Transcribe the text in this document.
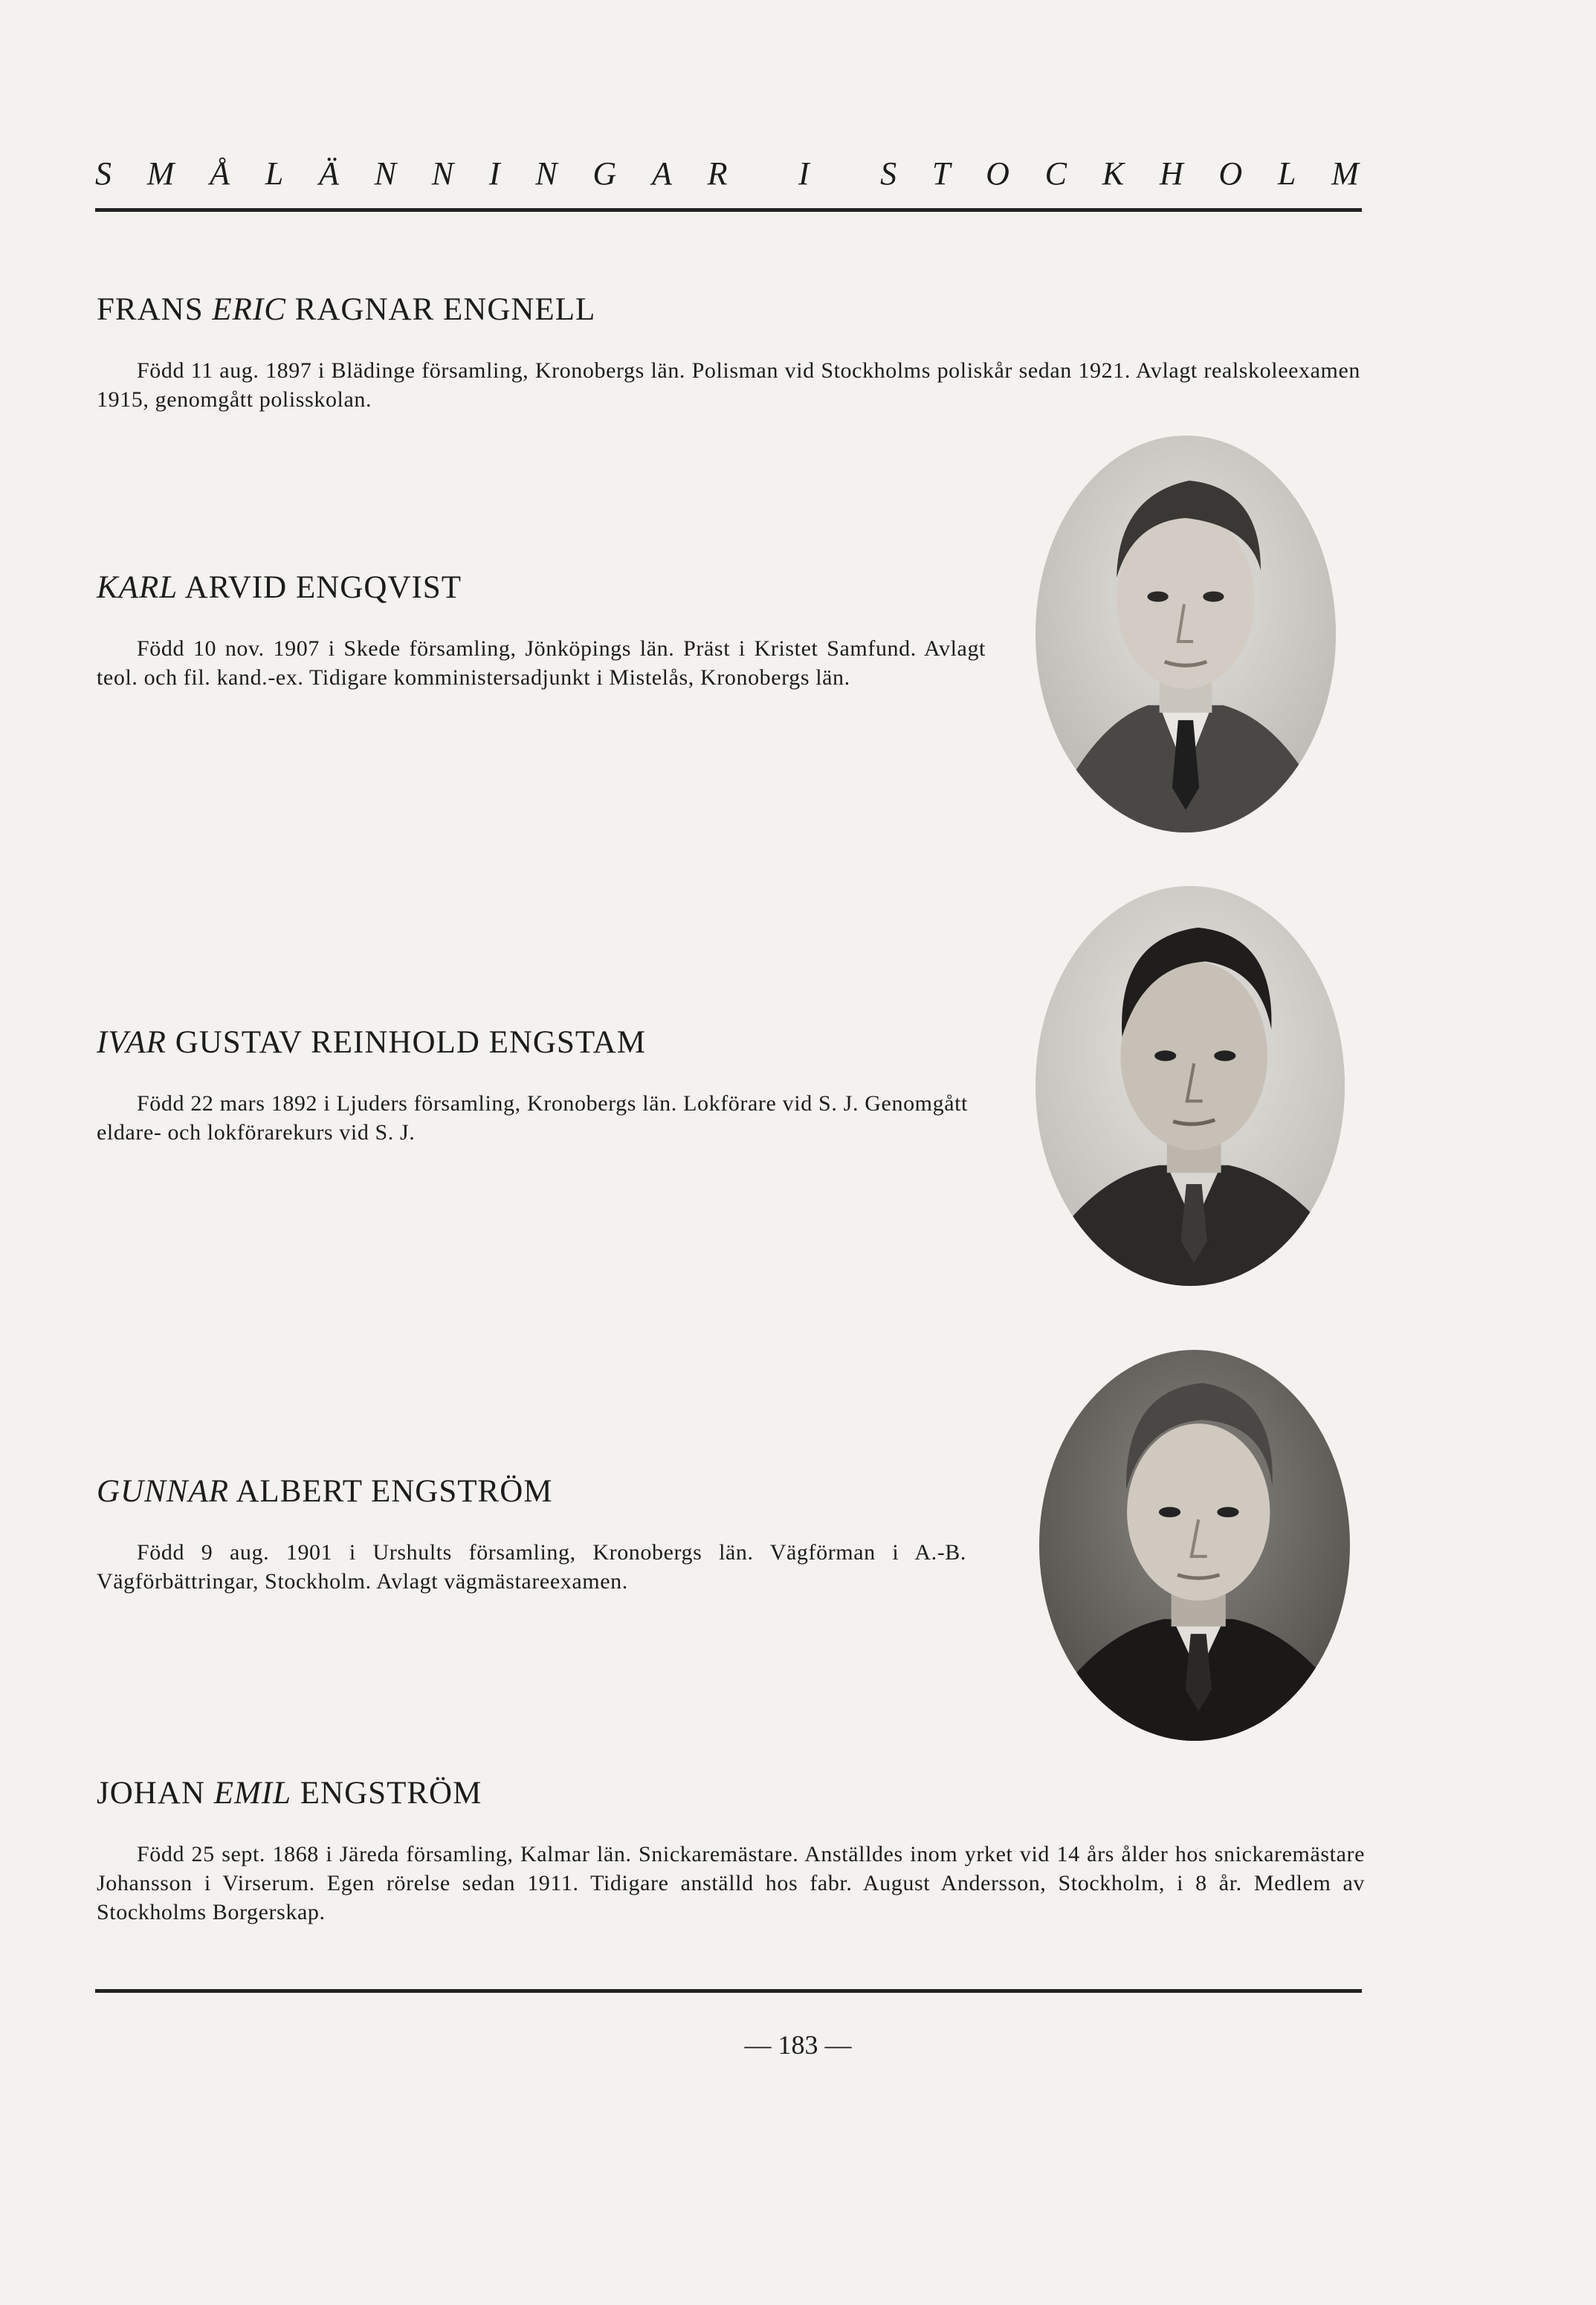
S M Å L Ä N N I N G A R I S T O C K H O L M
FRANS ERIC RAGNAR ENGNELL

Född 11 aug. 1897 i Blädinge församling, Kronobergs län. Polisman vid Stockholms poliskår sedan 1921. Avlagt realskoleexamen 1915, genomgått polisskolan.

KARL ARVID ENGQVIST

Född 10 nov. 1907 i Skede församling, Jönköpings län. Präst i Kristet Samfund. Avlagt teol. och fil. kand.-ex. Tidigare komministersadjunkt i Mistelås, Kronobergs län.

IVAR GUSTAV REINHOLD ENGSTAM

Född 22 mars 1892 i Ljuders församling, Kronobergs län. Lokförare vid S. J. Genomgått eldare- och lokförarekurs vid S. J.

GUNNAR ALBERT ENGSTRÖM

Född 9 aug. 1901 i Urshults församling, Kronobergs län. Vägförman i A.-B. Vägförbättringar, Stockholm. Avlagt vägmästareexamen.

JOHAN EMIL ENGSTRÖM

Född 25 sept. 1868 i Järeda församling, Kalmar län. Snickaremästare. Anställdes inom yrket vid 14 års ålder hos snickaremästare Johansson i Virserum. Egen rörelse sedan 1911. Tidigare anställd hos fabr. August Andersson, Stockholm, i 8 år. Medlem av Stockholms Borgerskap.

— 183 —
